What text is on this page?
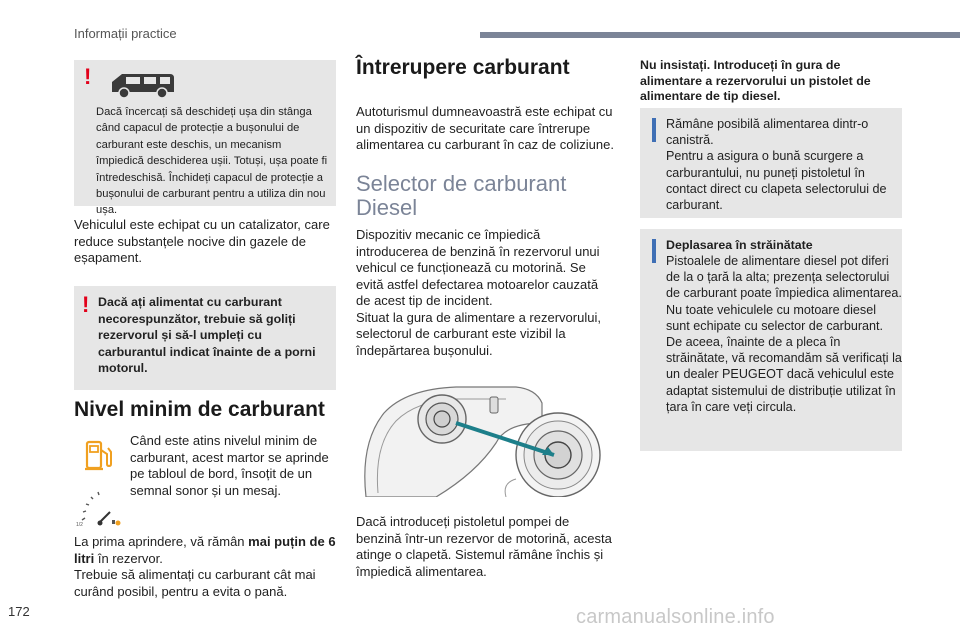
Informații practice
!
Dacă încercați să deschideți ușa din stânga când capacul de protecție a bușonului de carburant este deschis, un mecanism împiedică deschiderea ușii. Totuși, ușa poate fi întredeschisă. Închideți capacul de protecție a bușonului de carburant pentru a utiliza din nou ușa.
Vehiculul este echipat cu un catalizator, care reduce substanțele nocive din gazele de eșapament.
! Dacă ați alimentat cu carburant necorespunzător, trebuie să goliți rezervorul și să-l umpleți cu carburantul indicat înainte de a porni motorul.
Nivel minim de carburant
1/2
Când este atins nivelul minim de carburant, acest martor se aprinde pe tabloul de bord, însoțit de un semnal sonor și un mesaj.
La prima aprindere, vă rămân mai puțin de 6 litri în rezervor.
Trebuie să alimentați cu carburant cât mai curând posibil, pentru a evita o pană.
Întrerupere carburant
Autoturismul dumneavoastră este echipat cu un dispozitiv de securitate care întrerupe alimentarea cu carburant în caz de coliziune.
Selector de carburant Diesel
Dispozitiv mecanic ce împiedică introducerea de benzină în rezervorul unui vehicul ce funcționează cu motorină. Se evită astfel defectarea motoarelor cauzată de acest tip de incident.
Situat la gura de alimentare a rezervorului, selectorul de carburant este vizibil la îndepărtarea bușonului.
Dacă introduceți pistoletul pompei de benzină într-un rezervor de motorină, acesta atinge o clapetă. Sistemul rămâne închis și împiedică alimentarea.
Nu insistați. Introduceți în gura de alimentare a rezervorului un pistolet de alimentare de tip diesel.
Rămâne posibilă alimentarea dintr-o canistră.
Pentru a asigura o bună scurgere a carburantului, nu puneți pistoletul în contact direct cu clapeta selectorului de carburant.
Deplasarea în străinătate
Pistoalele de alimentare diesel pot diferi de la o țară la alta; prezența selectorului de carburant poate împiedica alimentarea. Nu toate vehiculele cu motoare diesel sunt echipate cu selector de carburant. De aceea, înainte de a pleca în străinătate, vă recomandăm să verificați la un dealer PEUGEOT dacă vehiculul este adaptat sistemului de distribuție utilizat în țara în care veți circula.
172	carmanualsonline.info
